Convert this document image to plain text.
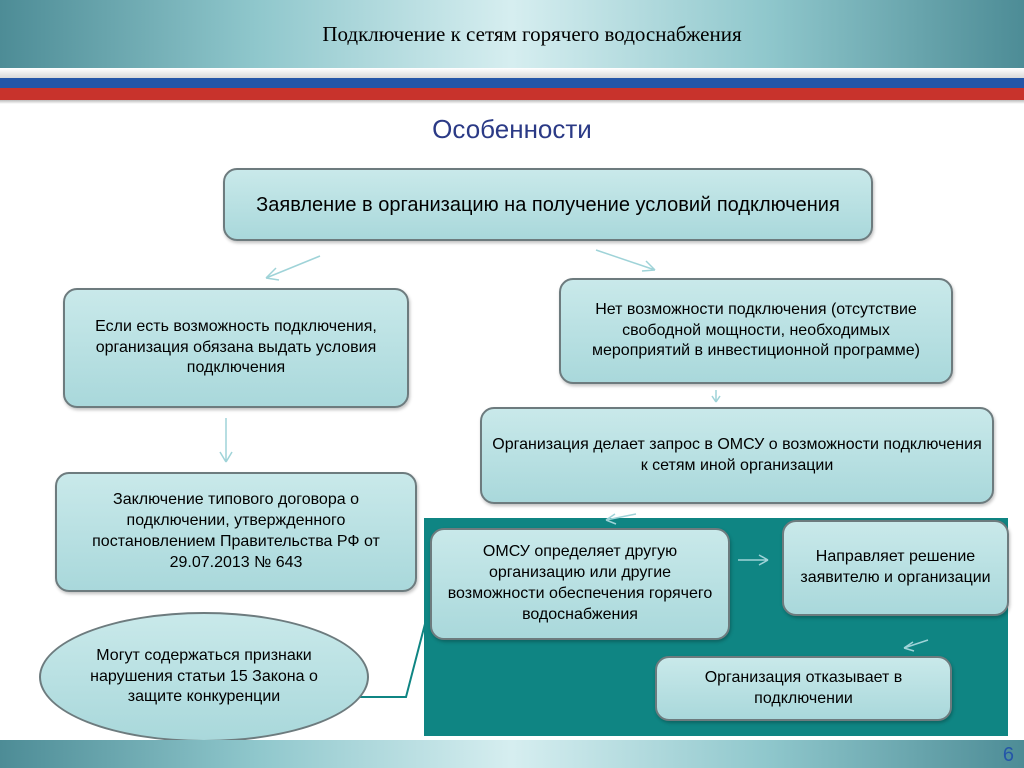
Подключение к сетям горячего водоснабжения
Особенности
Заявление в организацию на получение условий подключения
Если есть возможность подключения, организация обязана выдать условия подключения
Нет возможности подключения (отсутствие свободной мощности, необходимых мероприятий в инвестиционной программе)
Заключение типового договора о подключении, утвержденного постановлением Правительства РФ от 29.07.2013 № 643
Организация делает запрос в ОМСУ о возможности подключения к сетям иной организации
ОМСУ определяет другую организацию или другие возможности обеспечения горячего водоснабжения
Направляет решение заявителю и организации
Организация отказывает в подключении
Могут содержаться признаки нарушения статьи 15 Закона о защите конкуренции
6
